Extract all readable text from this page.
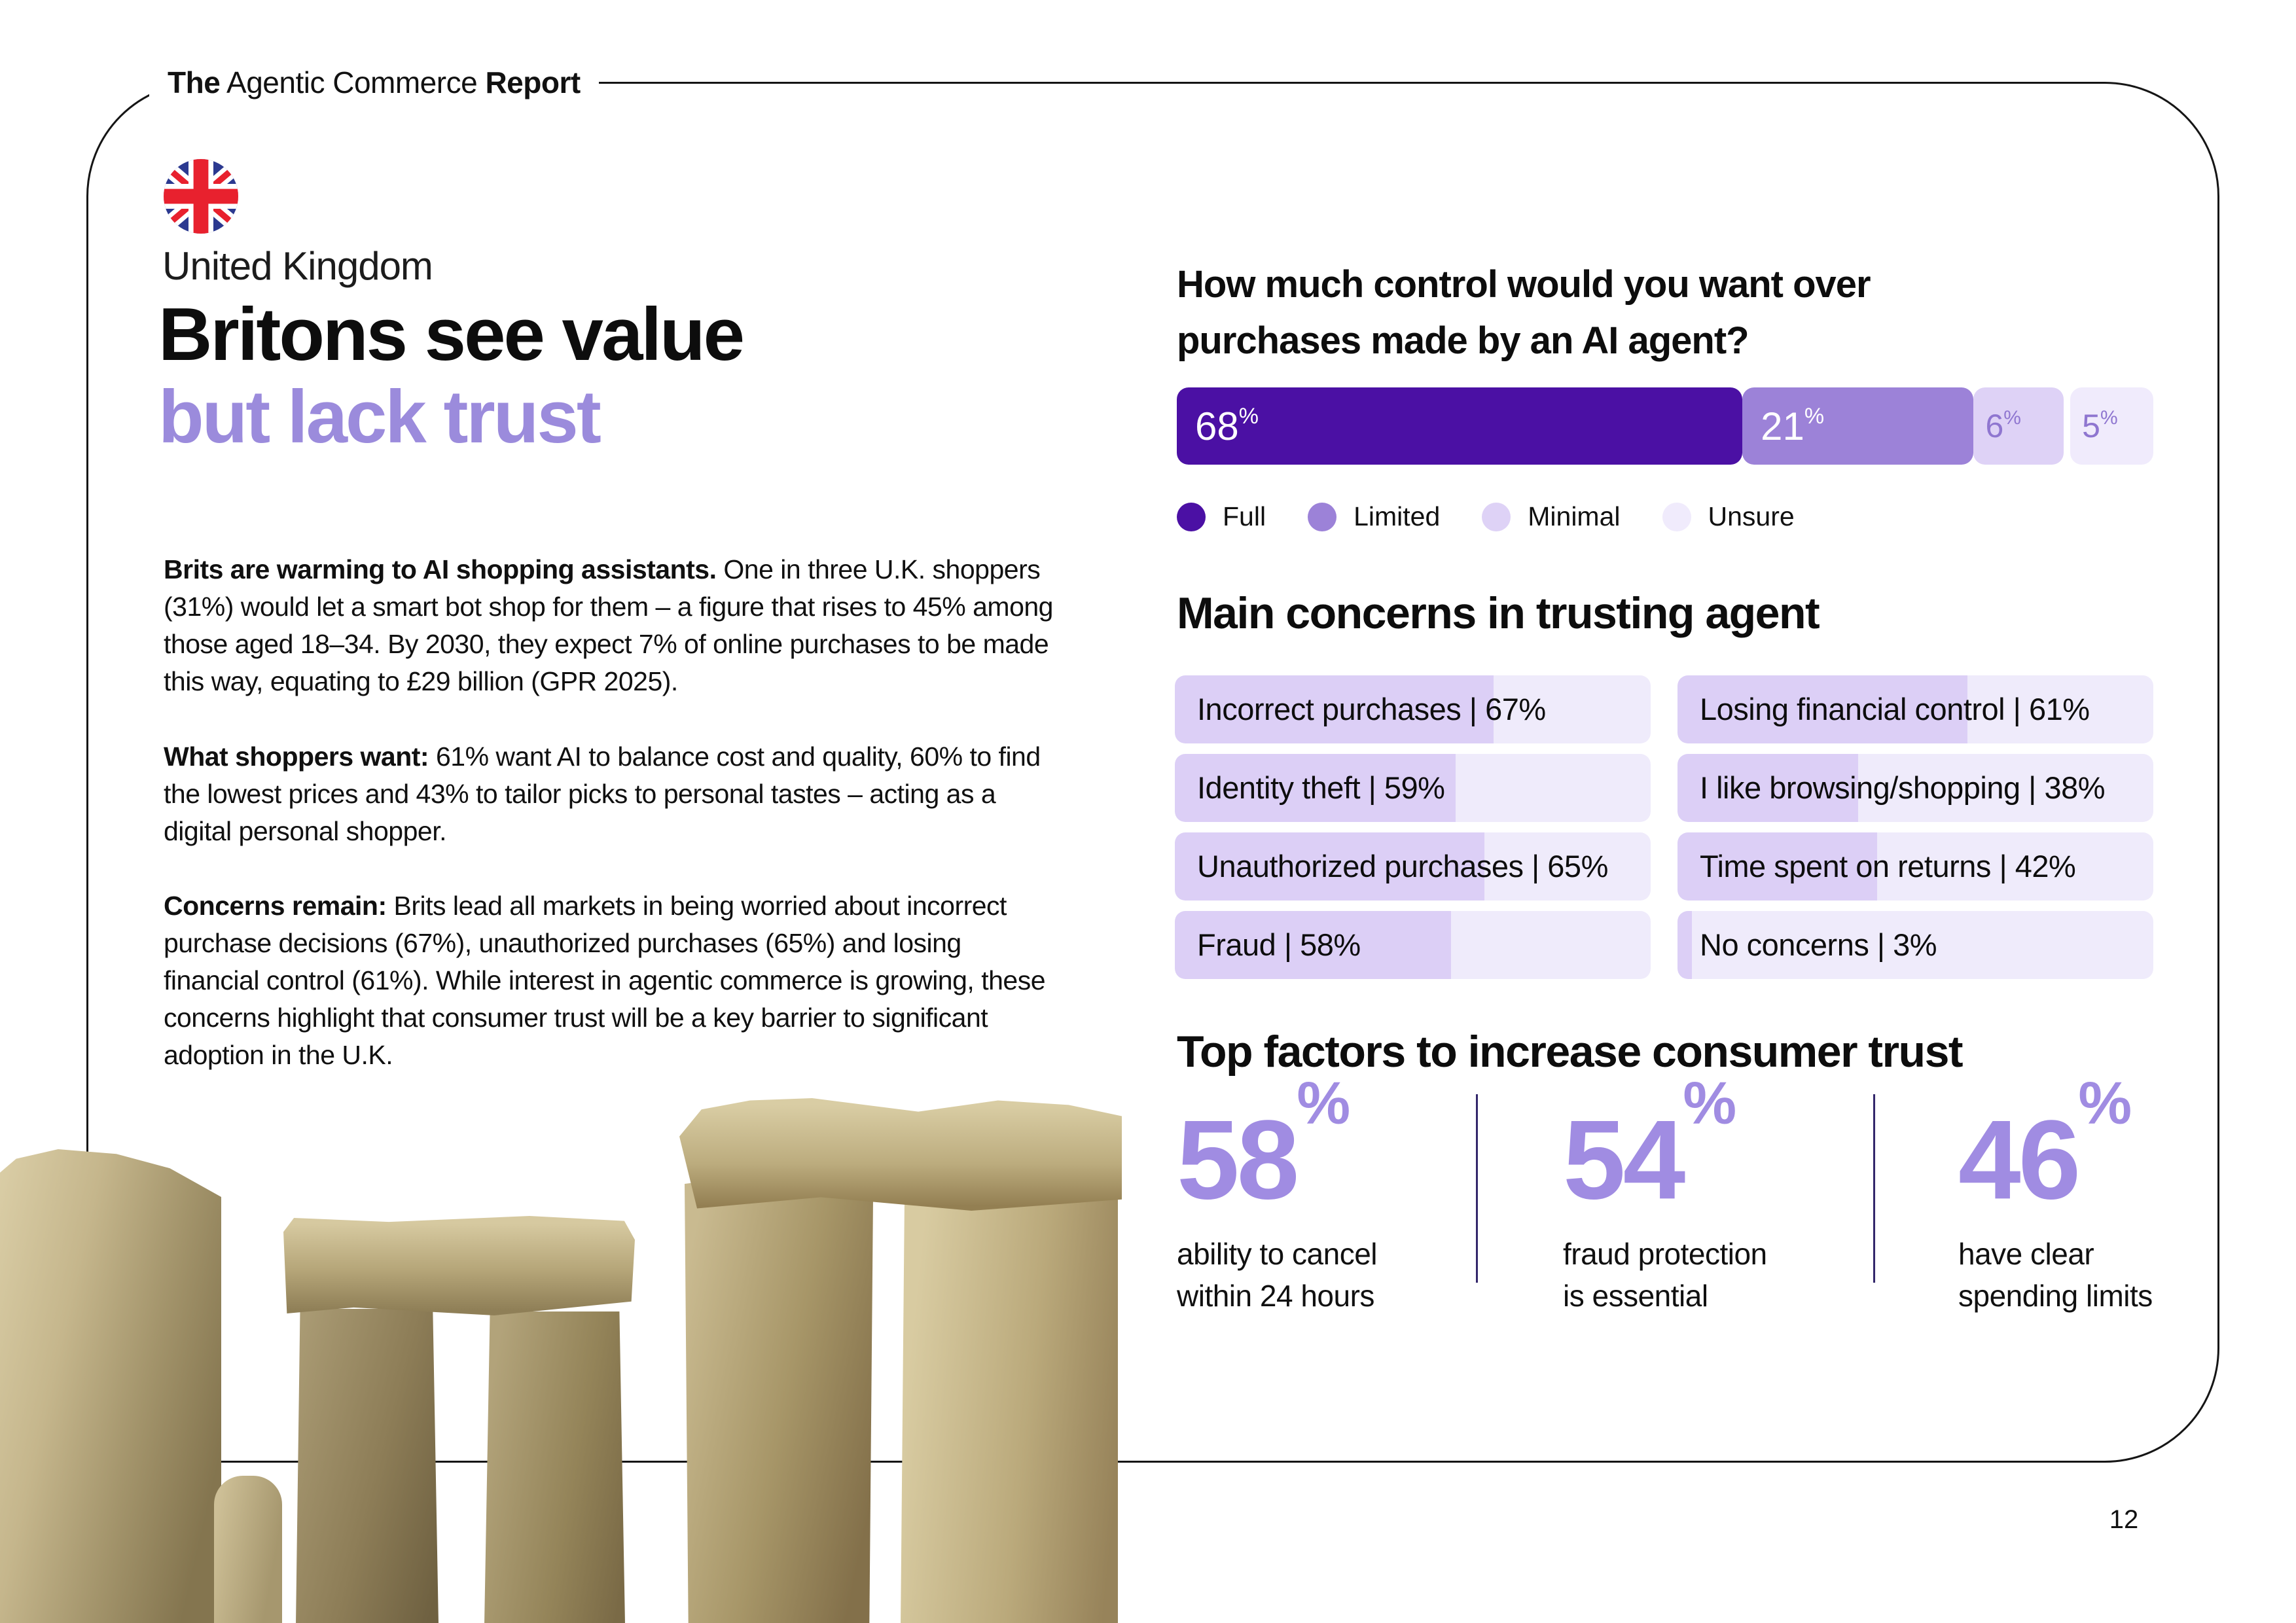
The Agentic Commerce Report
United Kingdom
Britons see value
but lack trust
Brits are warming to AI shopping assistants. One in three U.K. shoppers (31%) would let a smart bot shop for them – a figure that rises to 45% among those aged 18–34. By 2030, they expect 7% of online purchases to be made this way, equating to £29 billion (GPR 2025).
What shoppers want: 61% want AI to balance cost and quality, 60% to find the lowest prices and 43% to tailor picks to personal tastes – acting as a digital personal shopper.
Concerns remain: Brits lead all markets in being worried about incorrect purchase decisions (67%), unauthorized purchases (65%) and losing financial control (61%). While interest in agentic commerce is growing, these concerns highlight that consumer trust will be a key barrier to significant adoption in the U.K.
How much control would you want over
purchases made by an AI agent?
68%	21%	6% 5%
Full	Limited	Minimal	Unsure
Main concerns in trusting agent
Incorrect purchases | 67%
Identity theft | 59%
Unauthorized purchases | 65%
Fraud | 58%
Losing financial control | 61%
I like browsing/shopping | 38%
Time spent on returns | 42%
No concerns | 3%
Top factors to increase consumer trust
58%
ability to cancel
within 24 hours
54%
fraud protection
is essential
46%
have clear
spending limits
12
